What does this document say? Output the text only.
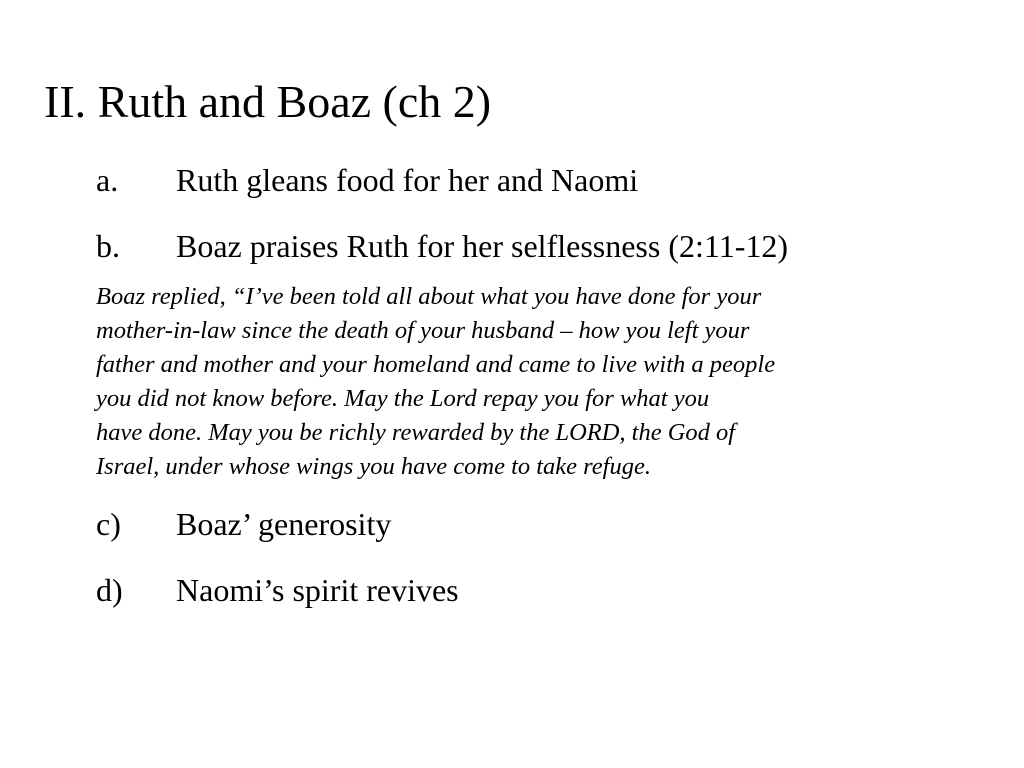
II. Ruth and Boaz (ch 2)
a. Ruth gleans food for her and Naomi
b. Boaz praises Ruth for her selflessness (2:11-12)
Boaz replied, “I’ve been told all about what you have done for your
mother-in-law since the death of your husband – how you left your
father and mother and your homeland and came to live with a people
you did not know before. May the Lord repay you for what you
have done. May you be richly rewarded by the LORD, the God of
Israel, under whose wings you have come to take refuge.
c) Boaz’ generosity
d) Naomi’s spirit revives
